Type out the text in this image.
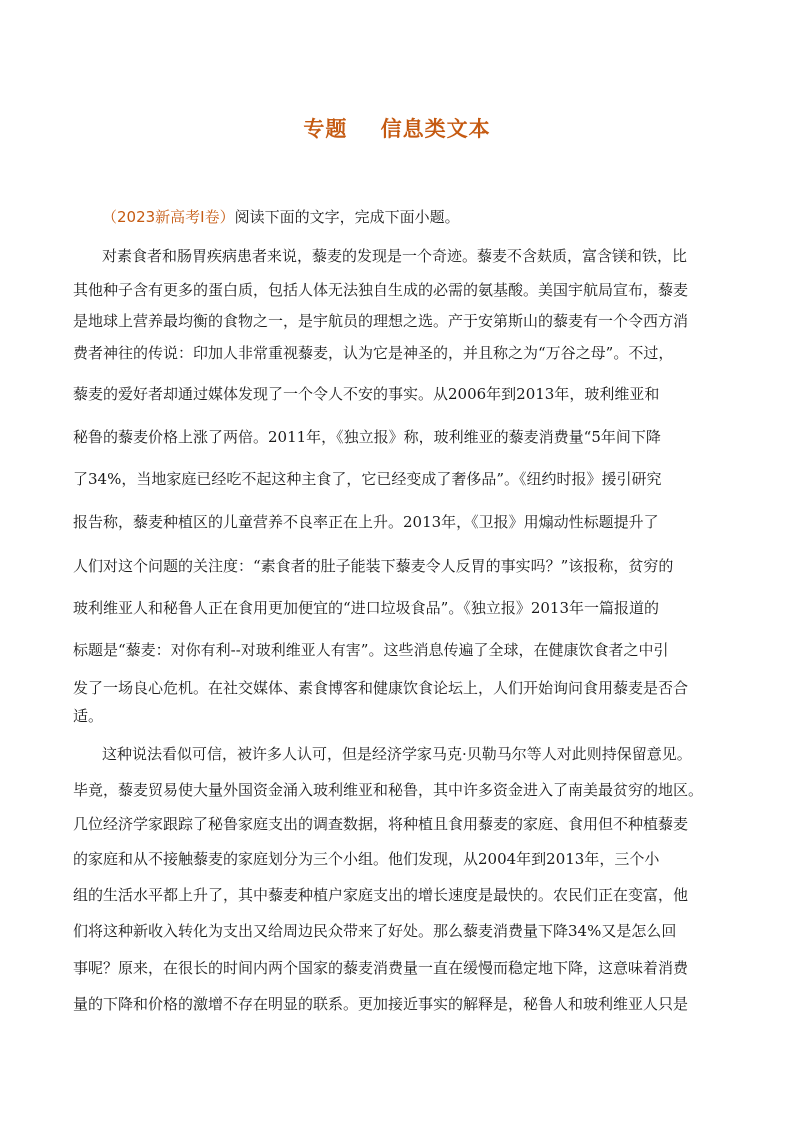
专题    信息类文本
（2023新高考Ⅰ卷）阅读下面的文字，完成下面小题。
对素食者和肠胃疾病患者来说，藜麦的发现是一个奇迹。藜麦不含麸质，富含镁和铁，比
其他种子含有更多的蛋白质，包括人体无法独自生成的必需的氨基酸。美国宇航局宣布，藜麦
是地球上营养最均衡的食物之一，是宇航员的理想之选。产于安第斯山的藜麦有一个令西方消
费者神往的传说：印加人非常重视藜麦，认为它是神圣的，并且称之为“万谷之母”。不过，
藜麦的爱好者却通过媒体发现了一个令人不安的事实。从2006年到2013年，玻利维亚和
秘鲁的藜麦价格上涨了两倍。2011年，《独立报》称，玻利维亚的藜麦消费量“5年间下降
了34%，当地家庭已经吃不起这种主食了，它已经变成了奢侈品”。《纽约时报》援引研究
报告称，藜麦种植区的儿童营养不良率正在上升。2013年，《卫报》用煽动性标题提升了
人们对这个问题的关注度：“素食者的肚子能装下藜麦令人反胃的事实吗？”该报称，贫穷的
玻利维亚人和秘鲁人正在食用更加便宜的“进口垃圾食品”。《独立报》2013年一篇报道的
标题是“藜麦：对你有利--对玻利维亚人有害”。这些消息传遍了全球，在健康饮食者之中引
发了一场良心危机。在社交媒体、素食博客和健康饮食论坛上，人们开始询问食用藜麦是否合
适。
这种说法看似可信，被许多人认可，但是经济学家马克·贝勒马尔等人对此则持保留意见。
毕竟，藜麦贸易使大量外国资金涌入玻利维亚和秘鲁，其中许多资金进入了南美最贫穷的地区。
几位经济学家跟踪了秘鲁家庭支出的调查数据，将种植且食用藜麦的家庭、食用但不种植藜麦
的家庭和从不接触藜麦的家庭划分为三个小组。他们发现，从2004年到2013年，三个小
组的生活水平都上升了，其中藜麦种植户家庭支出的增长速度是最快的。农民们正在变富，他
们将这种新收入转化为支出又给周边民众带来了好处。那么藜麦消费量下降34%又是怎么回
事呢？原来，在很长的时间内两个国家的藜麦消费量一直在缓慢而稳定地下降，这意味着消费
量的下降和价格的激增不存在明显的联系。更加接近事实的解释是，秘鲁人和玻利维亚人只是
